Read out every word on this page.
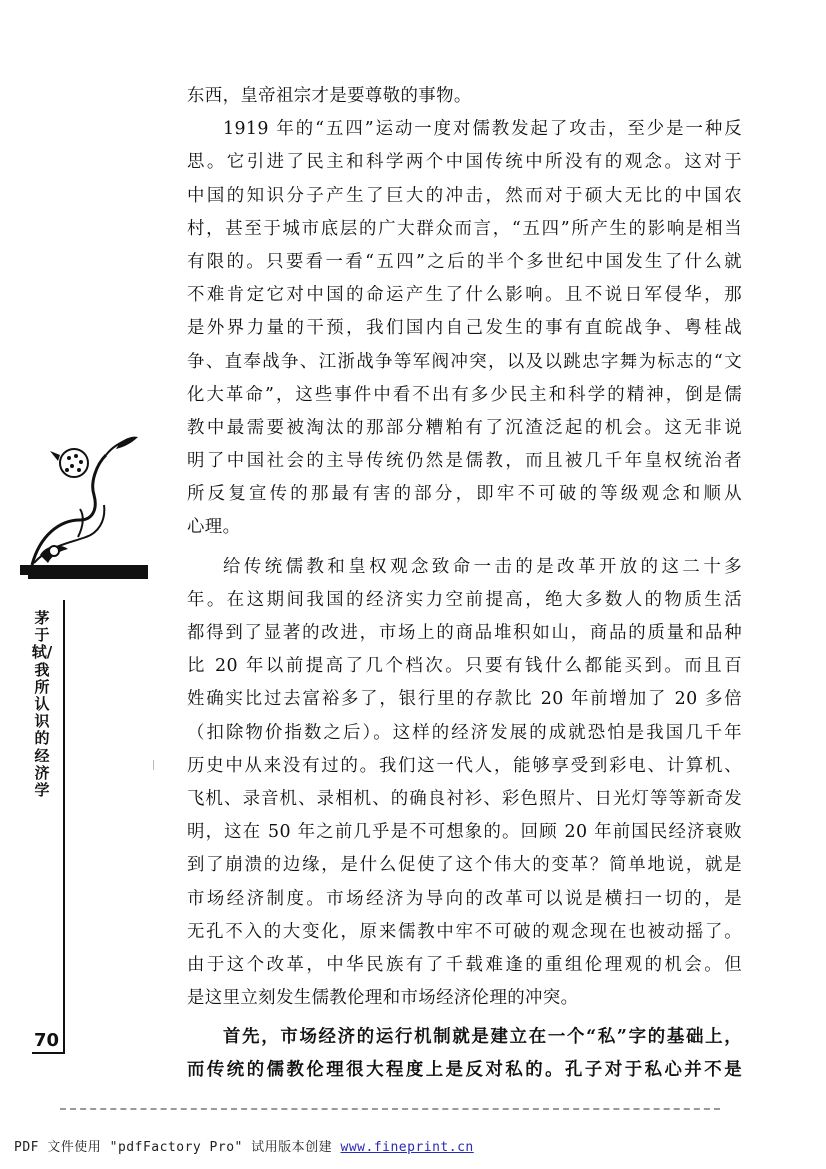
茅于轼/我所认识的经济学
70
东西，皇帝祖宗才是要尊敬的事物。
1919 年的“五四”运动一度对儒教发起了攻击，至少是一种反
思。它引进了民主和科学两个中国传统中所没有的观念。这对于
中国的知识分子产生了巨大的冲击，然而对于硕大无比的中国农
村，甚至于城市底层的广大群众而言，“五四”所产生的影响是相当
有限的。只要看一看“五四”之后的半个多世纪中国发生了什么就
不难肯定它对中国的命运产生了什么影响。且不说日军侵华，那
是外界力量的干预，我们国内自己发生的事有直皖战争、粤桂战
争、直奉战争、江浙战争等军阀冲突，以及以跳忠字舞为标志的“文
化大革命”，这些事件中看不出有多少民主和科学的精神，倒是儒
教中最需要被淘汰的那部分糟粕有了沉渣泛起的机会。这无非说
明了中国社会的主导传统仍然是儒教，而且被几千年皇权统治者
所反复宣传的那最有害的部分，即牢不可破的等级观念和顺从
心理。
给传统儒教和皇权观念致命一击的是改革开放的这二十多
年。在这期间我国的经济实力空前提高，绝大多数人的物质生活
都得到了显著的改进，市场上的商品堆积如山，商品的质量和品种
比 20 年以前提高了几个档次。只要有钱什么都能买到。而且百
姓确实比过去富裕多了，银行里的存款比 20 年前增加了 20 多倍
（扣除物价指数之后）。这样的经济发展的成就恐怕是我国几千年
历史中从来没有过的。我们这一代人，能够享受到彩电、计算机、
飞机、录音机、录相机、的确良衬衫、彩色照片、日光灯等等新奇发
明，这在 50 年之前几乎是不可想象的。回顾 20 年前国民经济衰败
到了崩溃的边缘，是什么促使了这个伟大的变革？简单地说，就是
市场经济制度。市场经济为导向的改革可以说是横扫一切的，是
无孔不入的大变化，原来儒教中牢不可破的观念现在也被动摇了。
由于这个改革，中华民族有了千载难逢的重组伦理观的机会。但
是这里立刻发生儒教伦理和市场经济伦理的冲突。
首先，市场经济的运行机制就是建立在一个“私”字的基础上，
而传统的儒教伦理很大程度上是反对私的。孔子对于私心并不是
PDF 文件使用 "pdfFactory Pro" 试用版本创建 www.fineprint.cn
